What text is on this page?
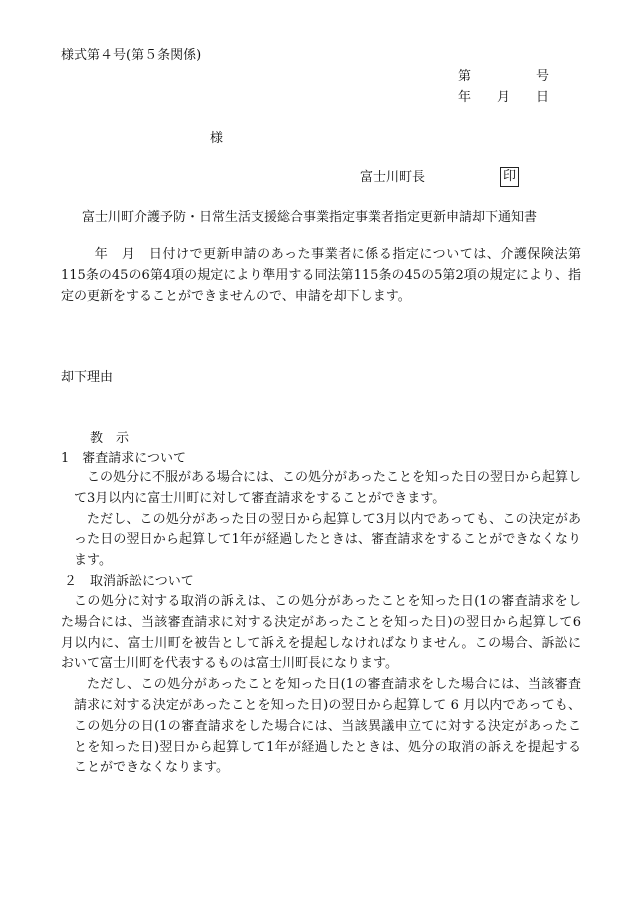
様式第４号(第５条関係)
第　　　　　号
年　　月　　日
様
富士川町長	印
富士川町介護予防・日常生活支援総合事業指定事業者指定更新申請却下通知書

年　月　日付けで更新申請のあった事業者に係る指定については、介護保険法第115条の45の6第4項の規定により準用する同法第115条の45の5第2項の規定により、指定の更新をすることができませんので、申請を却下します。

却下理由
教　示
1　審査請求について

この処分に不服がある場合には、この処分があったことを知った日の翌日から起算して3月以内に富士川町に対して審査請求をすることができます。

ただし、この処分があった日の翌日から起算して3月以内であっても、この決定があった日の翌日から起算して1年が経過したときは、審査請求をすることができなくなります。

２　取消訴訟について

この処分に対する取消の訴えは、この処分があったことを知った日(1の審査請求をした場合には、当該審査請求に対する決定があったことを知った日)の翌日から起算して6月以内に、富士川町を被告として訴えを提起しなければなりません。この場合、訴訟において富士川町を代表するものは富士川町長になります。

ただし、この処分があったことを知った日(1の審査請求をした場合には、当該審査請求に対する決定があったことを知った日)の翌日から起算して 6 月以内であっても、この処分の日(1の審査請求をした場合には、当該異議申立てに対する決定があったことを知った日)翌日から起算して1年が経過したときは、処分の取消の訴えを提起することができなくなります。
